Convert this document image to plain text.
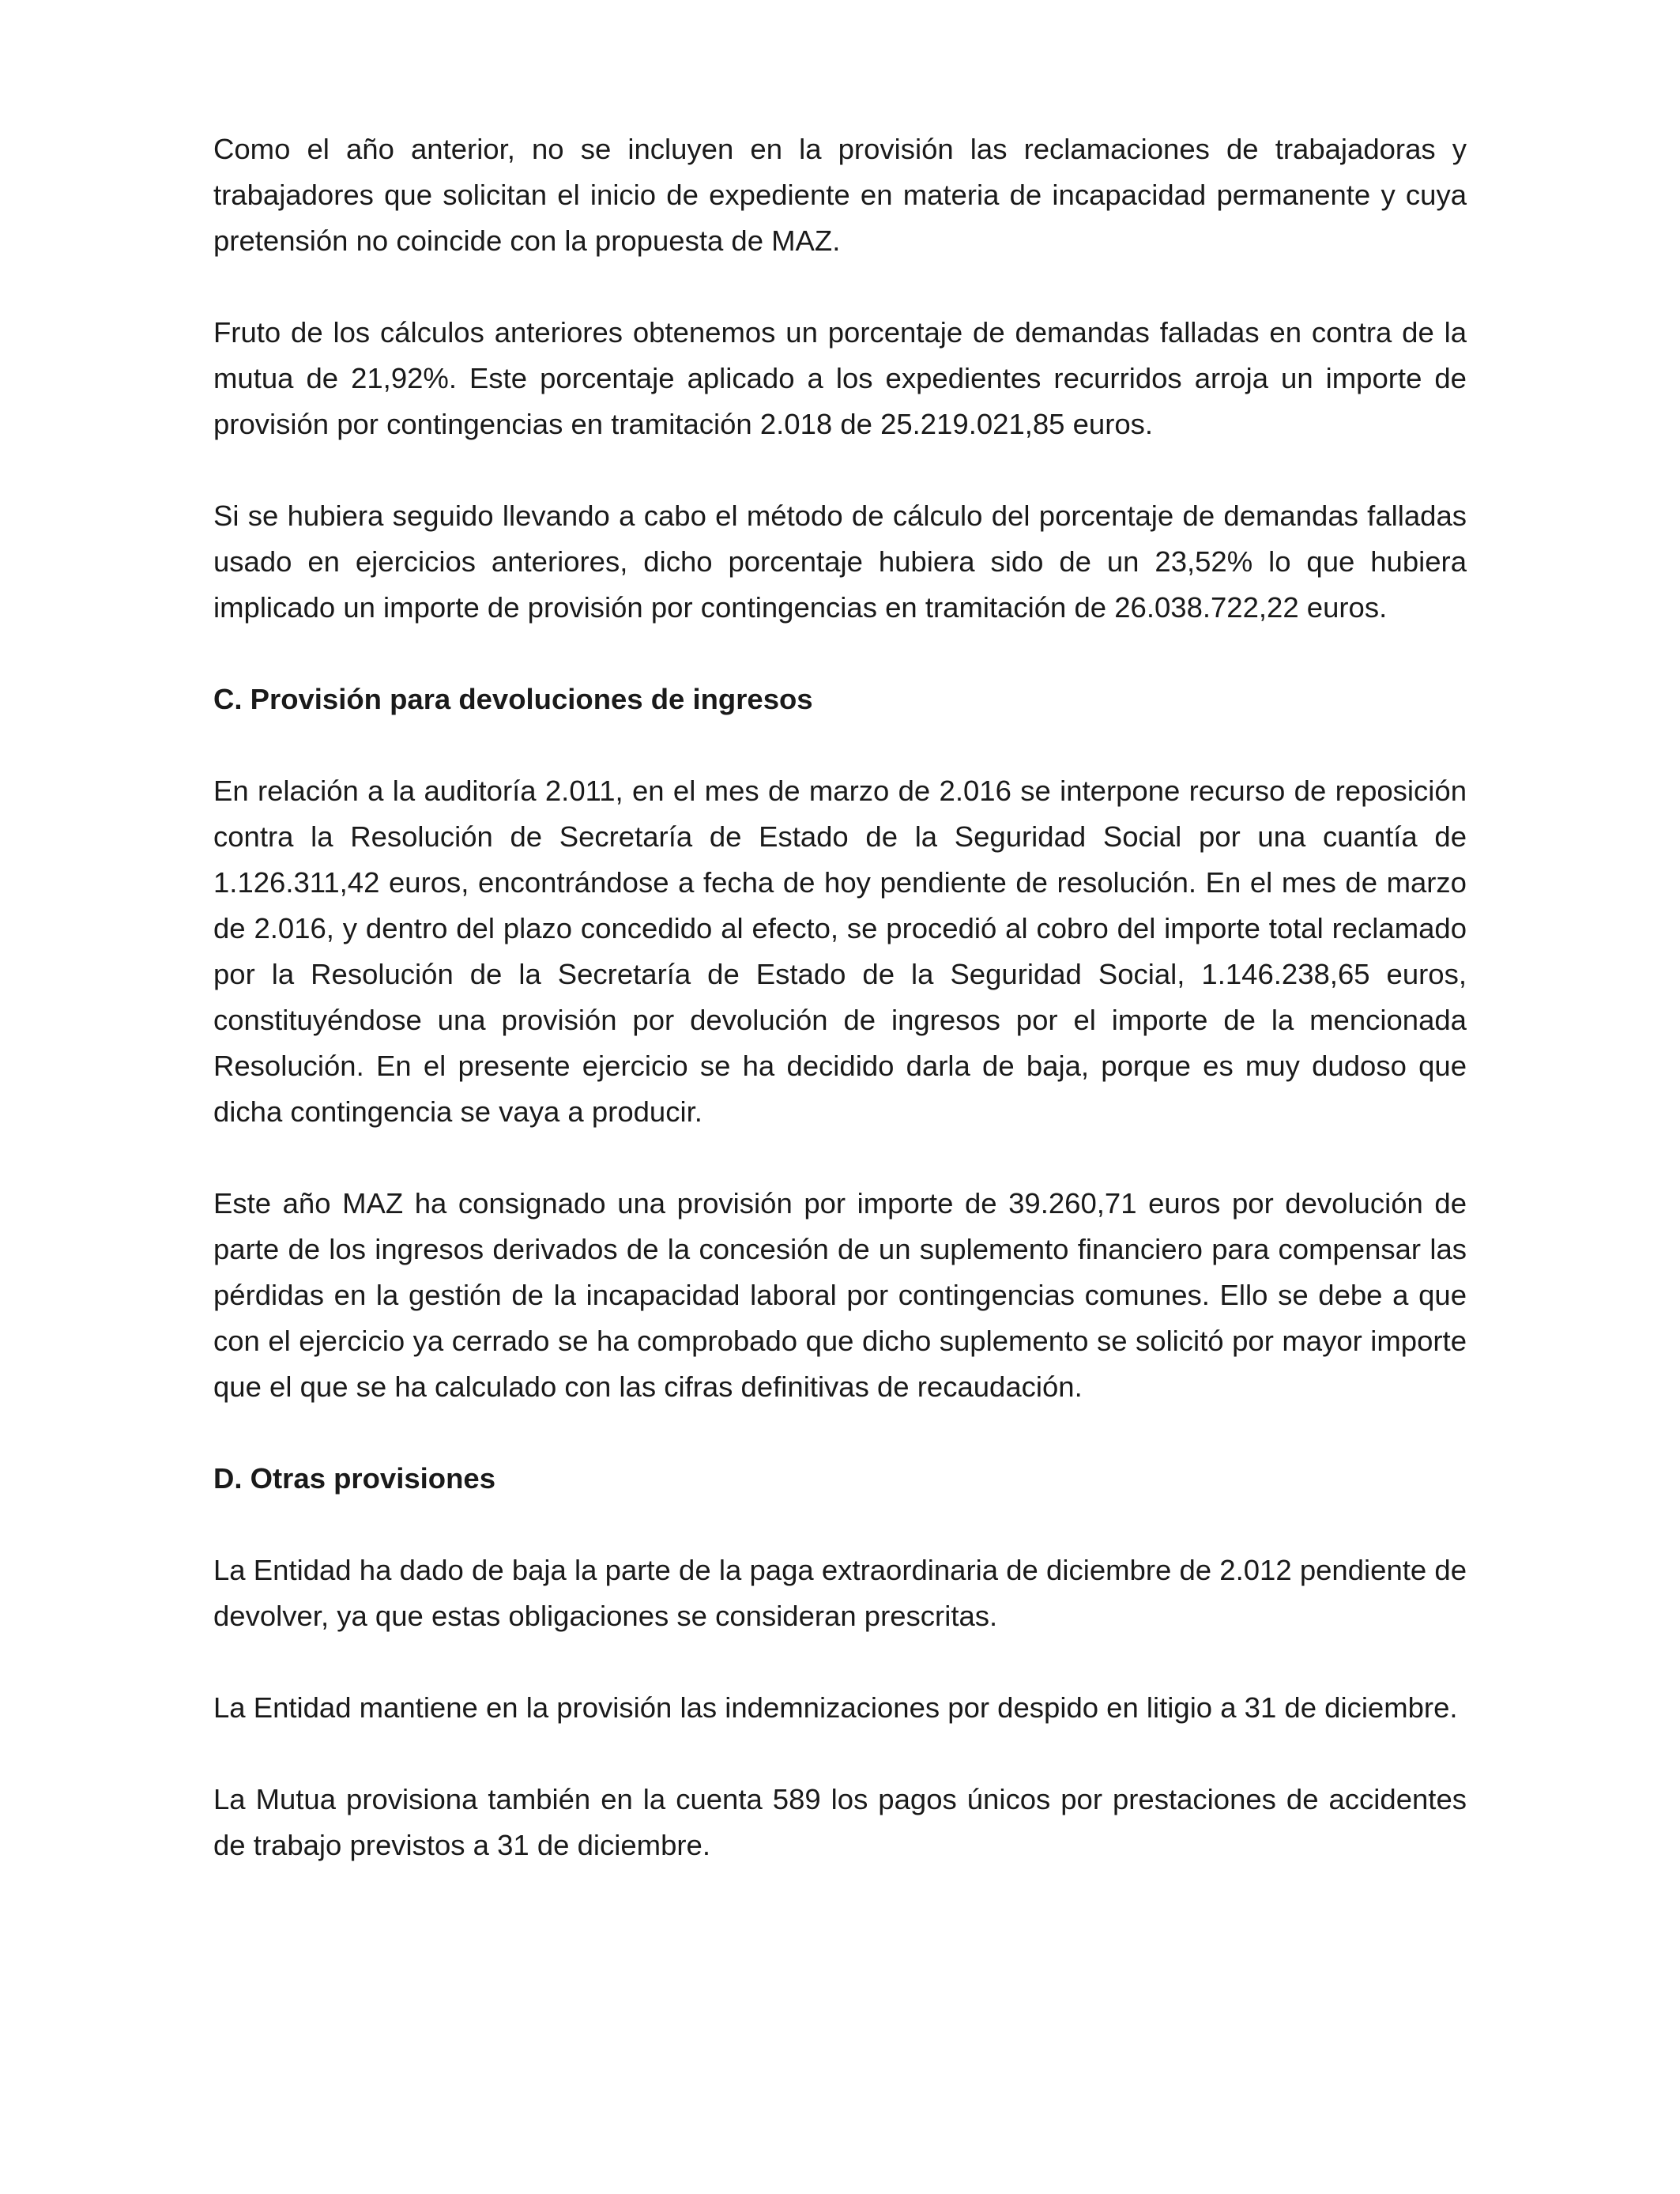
Como el año anterior, no se incluyen en la provisión las reclamaciones de trabajadoras y trabajadores que solicitan el inicio de expediente en materia de incapacidad permanente y cuya pretensión no coincide con la propuesta de MAZ.

Fruto de los cálculos anteriores obtenemos un porcentaje de demandas falladas en contra de la mutua de 21,92%. Este porcentaje aplicado a los expedientes recurridos arroja un importe de provisión por contingencias en tramitación 2.018 de 25.219.021,85 euros.

Si se hubiera seguido llevando a cabo el método de cálculo del porcentaje de demandas falladas usado en ejercicios anteriores, dicho porcentaje hubiera sido de un 23,52% lo que hubiera implicado un importe de provisión por contingencias en tramitación de 26.038.722,22 euros.

C. Provisión para devoluciones de ingresos

En relación a la auditoría 2.011, en el mes de marzo de 2.016 se interpone recurso de reposición contra la Resolución de Secretaría de Estado de la Seguridad Social por una cuantía de 1.126.311,42 euros, encontrándose a fecha de hoy pendiente de resolución. En el mes de marzo de 2.016, y dentro del plazo concedido al efecto, se procedió al cobro del importe total reclamado por la Resolución de la Secretaría de Estado de la Seguridad Social, 1.146.238,65 euros, constituyéndose una provisión por devolución de ingresos por el importe de la mencionada Resolución. En el presente ejercicio se ha decidido darla de baja, porque es muy dudoso que dicha contingencia se vaya a producir.

Este año MAZ ha consignado una provisión por importe de 39.260,71 euros por devolución de parte de los ingresos derivados de la concesión de un suplemento financiero para compensar las pérdidas en la gestión de la incapacidad laboral por contingencias comunes. Ello se debe a que con el ejercicio ya cerrado se ha comprobado que dicho suplemento se solicitó por mayor importe que el que se ha calculado con las cifras definitivas de recaudación.

D. Otras provisiones

La Entidad ha dado de baja la parte de la paga extraordinaria de diciembre de 2.012 pendiente de devolver, ya que estas obligaciones se consideran prescritas.

La Entidad mantiene en la provisión las indemnizaciones por despido en litigio a 31 de diciembre.

La Mutua provisiona también en la cuenta 589 los pagos únicos por prestaciones de accidentes de trabajo previstos a 31 de diciembre.
